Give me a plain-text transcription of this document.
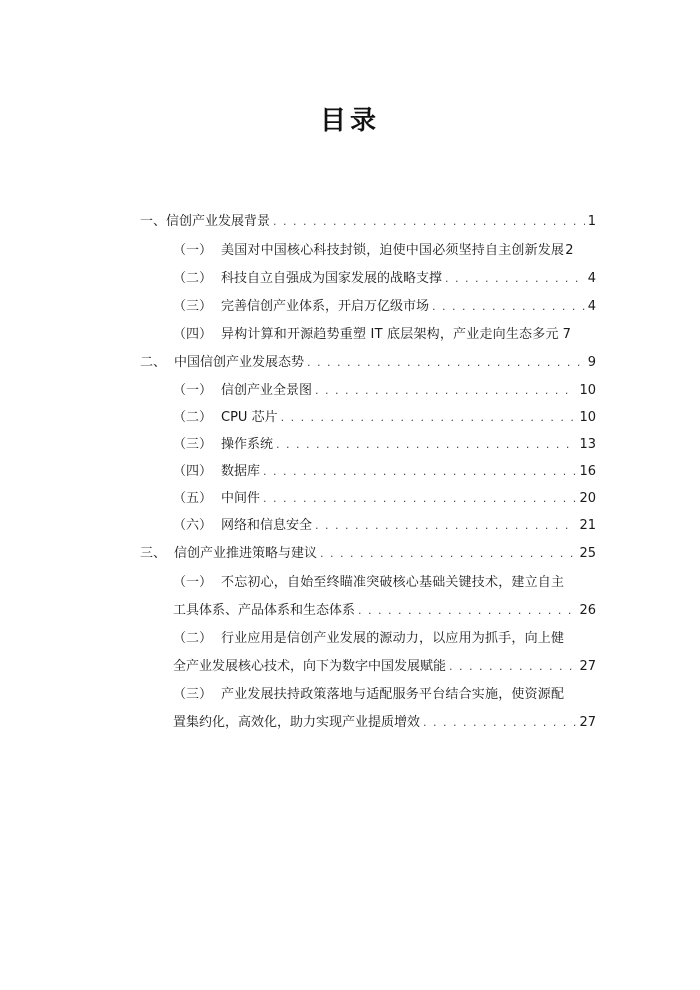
目录
一、 信创产业发展背景 . . .	1
（一） 美国对中国核心科技封锁，迫使中国必须坚持自主创新发展 2
（二） 科技自立自强成为国家发展的战略支撑 . . .	4
（三） 完善信创产业体系，开启万亿级市场 . . .	4
（四） 异构计算和开源趋势重塑 IT 底层架构，产业走向生态多元 7
二、 中国信创产业发展态势 . . .	9
（一） 信创产业全景图 . . .	10
（二） CPU 芯片 . . .	10
（三） 操作系统 . . .	13
（四） 数据库 . . .	16
（五） 中间件 . . .	20
（六） 网络和信息安全 . . .	21
三、 信创产业推进策略与建议 . . .	25
（一） 不忘初心，自始至终瞄准突破核心基础关键技术，建立自主
工具体系、产品体系和生态体系 . . .	26
（二） 行业应用是信创产业发展的源动力，以应用为抓手，向上健
全产业发展核心技术，向下为数字中国发展赋能 . . .	27
（三） 产业发展扶持政策落地与适配服务平台结合实施，使资源配
置集约化，高效化，助力实现产业提质增效 . . .	27
